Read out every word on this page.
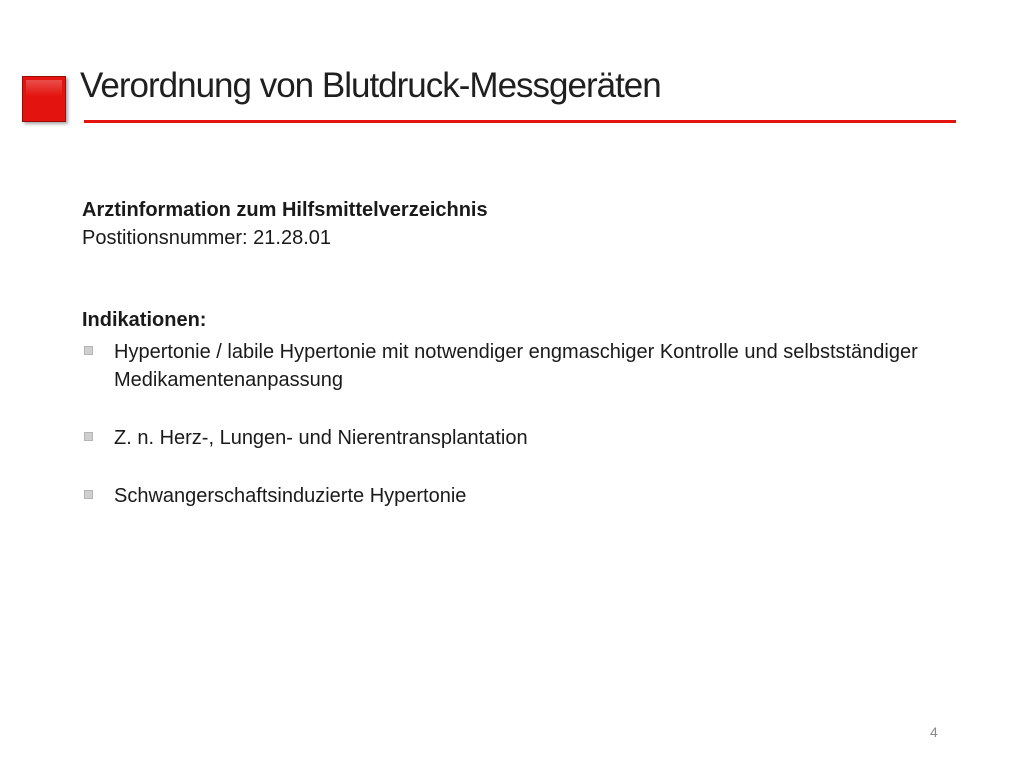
Verordnung von Blutdruck-Messgeräten
Arztinformation zum Hilfsmittelverzeichnis
Postitionsnummer: 21.28.01
Indikationen:
Hypertonie / labile Hypertonie mit notwendiger engmaschiger Kontrolle und selbstständiger Medikamentenanpassung
Z. n. Herz-, Lungen- und Nierentransplantation
Schwangerschaftsinduzierte Hypertonie
4
